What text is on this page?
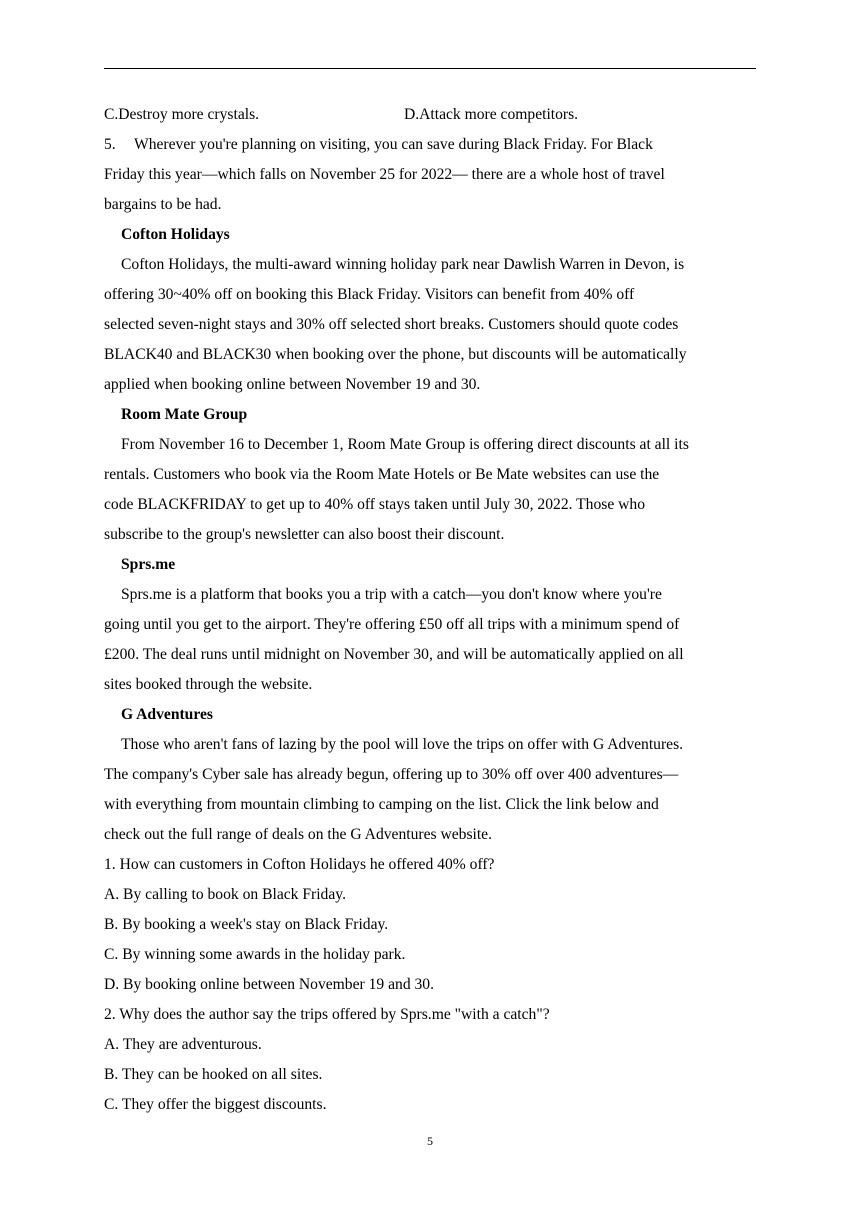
C.Destroy more crystals.	D.Attack more competitors.

5. Wherever you're planning on visiting, you can save during Black Friday. For Black

Friday this year—which falls on November 25 for 2022— there are a whole host of travel

bargains to be had.

Cofton Holidays

Cofton Holidays, the multi-award winning holiday park near Dawlish Warren in Devon, is

offering 30~40% off on booking this Black Friday. Visitors can benefit from 40% off

selected seven-night stays and 30% off selected short breaks. Customers should quote codes

BLACK40 and BLACK30 when booking over the phone, but discounts will be automatically

applied when booking online between November 19 and 30.

Room Mate Group

From November 16 to December 1, Room Mate Group is offering direct discounts at all its

rentals. Customers who book via the Room Mate Hotels or Be Mate websites can use the

code BLACKFRIDAY to get up to 40% off stays taken until July 30, 2022. Those who

subscribe to the group's newsletter can also boost their discount.

Sprs.me

Sprs.me is a platform that books you a trip with a catch—you don't know where you're

going until you get to the airport. They're offering £50 off all trips with a minimum spend of

£200. The deal runs until midnight on November 30, and will be automatically applied on all

sites booked through the website.

G Adventures

Those who aren't fans of lazing by the pool will love the trips on offer with G Adventures.

The company's Cyber sale has already begun, offering up to 30% off over 400 adventures—

with everything from mountain climbing to camping on the list. Click the link below and

check out the full range of deals on the G Adventures website.

1. How can customers in Cofton Holidays he offered 40% off?

A. By calling to book on Black Friday.

B. By booking a week's stay on Black Friday.

C. By winning some awards in the holiday park.

D. By booking online between November 19 and 30.

2. Why does the author say the trips offered by Sprs.me "with a catch"?

A. They are adventurous.

B. They can be hooked on all sites.

C. They offer the biggest discounts.

5
